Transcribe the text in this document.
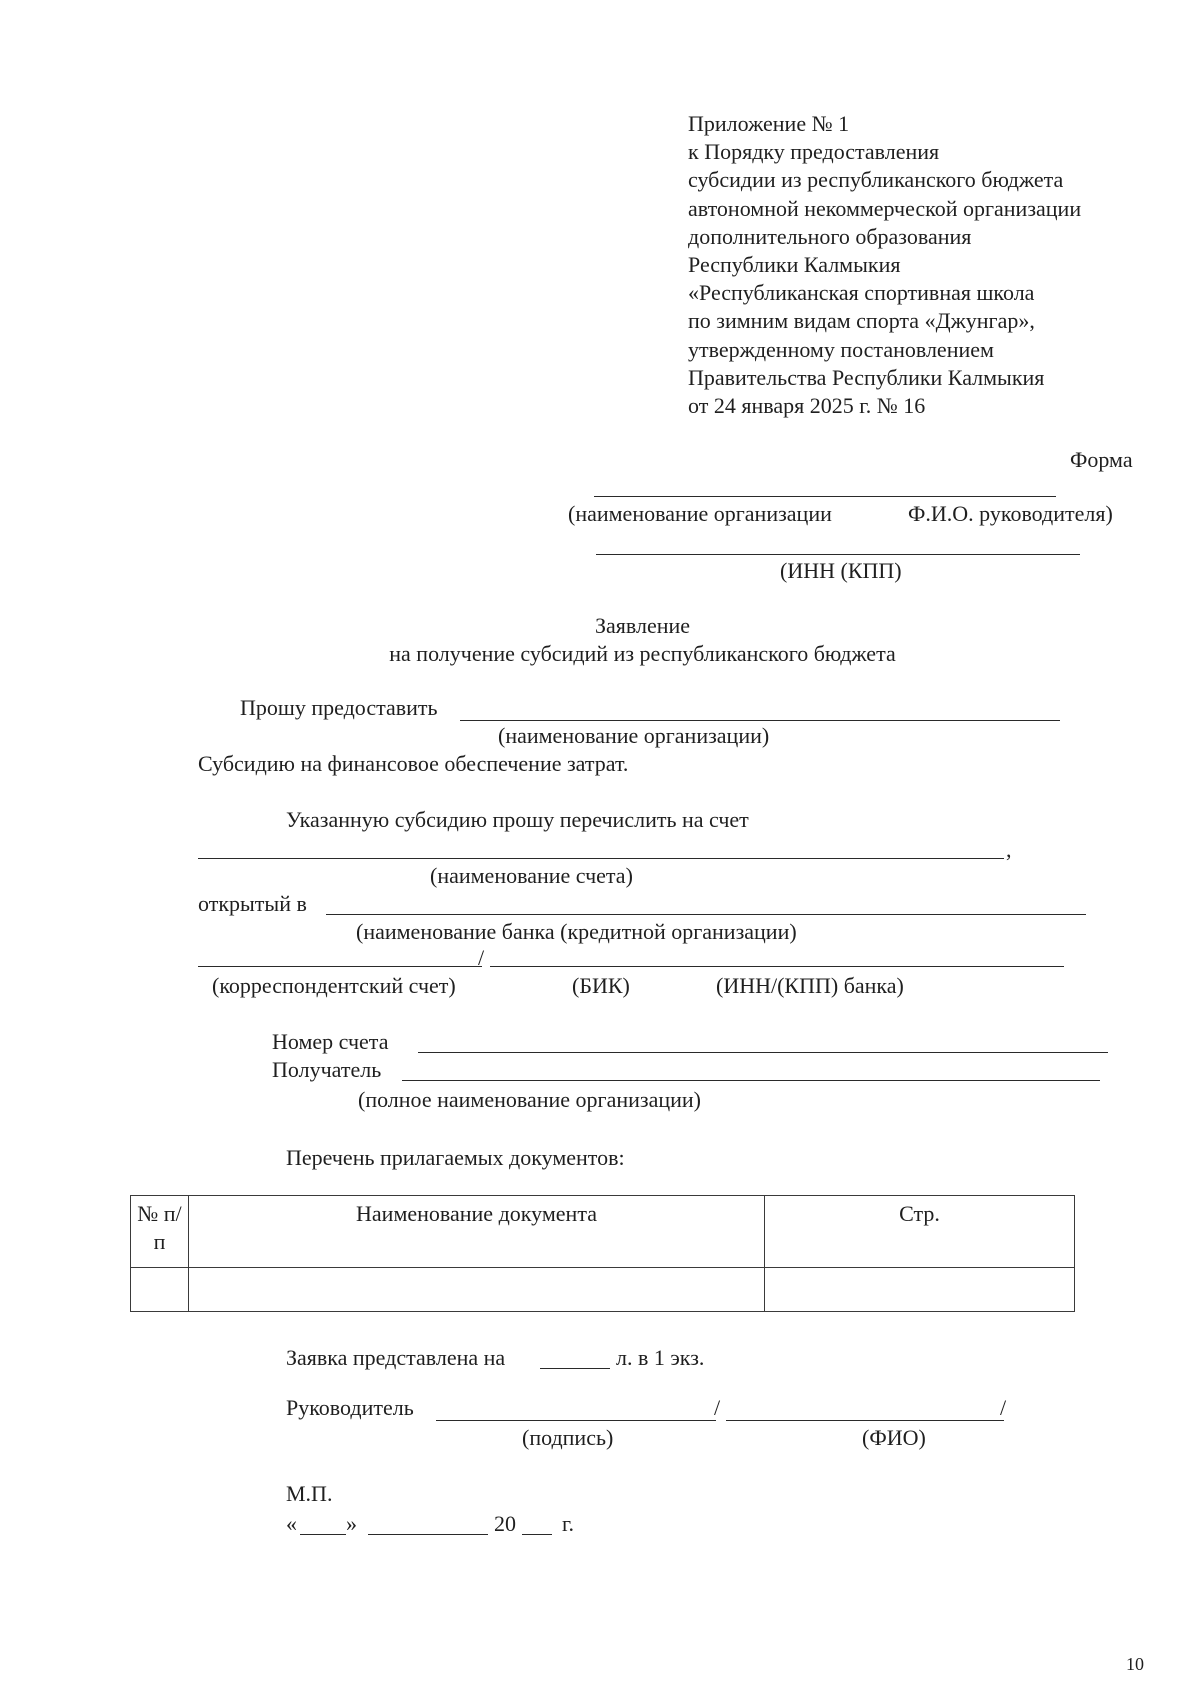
Приложение № 1
к Порядку предоставления
субсидии из республиканского бюджета
автономной некоммерческой организации
дополнительного образования
Республики Калмыкия
«Республиканская спортивная школа
по зимним видам спорта «Джунгар»,
утвержденному постановлением
Правительства Республики Калмыкия
от 24 января 2025 г. № 16
Форма
(наименование организации	Ф.И.О. руководителя)
(ИНН (КПП)
Заявление
на получение субсидий из республиканского бюджета
Прошу предоставить
(наименование организации)
Субсидию на финансовое обеспечение затрат.
Указанную субсидию прошу перечислить на счет
,
(наименование счета)
открытый в
(наименование банка (кредитной организации)
/
(корреспондентский счет)	(БИК)	(ИНН/(КПП) банка)
Номер счета
Получатель
(полное наименование организации)
Перечень прилагаемых документов:
№ п/п	Наименование документа	Стр.

Заявка представлена на	л. в 1 экз.
Руководитель	/	/
(подпись)	(ФИО)
М.П.
« »	20 г.
10
